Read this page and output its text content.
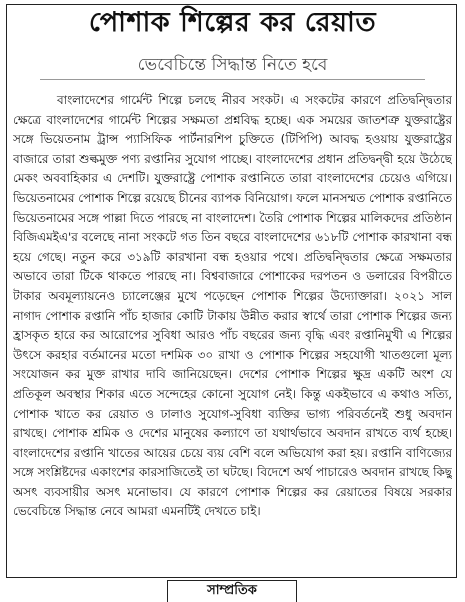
পোশাক শিল্পের কর রেয়াত
ভেবেচিন্তে সিদ্ধান্ত নিতে হবে
বাংলাদেশের গার্মেন্ট শিল্পে চলছে নীরব সংকট। এ সংকটের কারণে প্রতিদ্বন্দ্বিতার ক্ষেত্রে বাংলাদেশের গার্মেন্ট শিল্পের সক্ষমতা প্রশ্নবিদ্ধ হচ্ছে। এক সময়ের জাতশত্রু যুক্তরাষ্ট্রের সঙ্গে ভিয়েতনাম ট্রান্স প্যাসিফিক পার্টনারশিপ চুক্তিতে (টিপিপি) আবদ্ধ হওয়ায় যুক্তরাষ্ট্রের বাজারে তারা শুল্কমুক্ত পণ্য রপ্তানির সুযোগ পাচ্ছে। বাংলাদেশের প্রধান প্রতিদ্বন্দ্বী হয়ে উঠেছে মেকং অববাহিকার এ দেশটি। যুক্তরাষ্ট্রে পোশাক রপ্তানিতে তারা বাংলাদেশের চেয়েও এগিয়ে। ভিয়েতনামের পোশাক শিল্পে রয়েছে চীনের ব্যাপক বিনিয়োগ। ফলে মানসম্মত পোশাক রপ্তানিতে ভিয়েতনামের সঙ্গে পাল্লা দিতে পারছে না বাংলাদেশ। তৈরি পোশাক শিল্পের মালিকদের প্রতিষ্ঠান বিজিএমইএ'র বলেছে নানা সংকটে গত তিন বছরে বাংলাদেশের ৬১৮টি পোশাক কারখানা বন্ধ হয়ে গেছে। নতুন করে ৩১৯টি কারখানা বন্ধ হওয়ার পথে। প্রতিদ্বন্দ্বিতার ক্ষেত্রে সক্ষমতার অভাবে তারা টিকে থাকতে পারছে না। বিশ্ববাজারে পোশাকের দরপতন ও ডলারের বিপরীতে টাকার অবমূল্যায়নেও চ্যালেঞ্জের মুখে পড়েছেন পোশাক শিল্পের উদ্যোক্তারা। ২০২১ সাল নাগাদ পোশাক রপ্তানি পাঁচ হাজার কোটি টাকায় উন্নীত করার স্বার্থে তারা পোশাক শিল্পের জন্য হ্রাসকৃত হারে কর আরোপের সুবিধা আরও পাঁচ বছরের জন্য বৃদ্ধি এবং রপ্তানিমুখী এ শিল্পের উৎসে করহার বর্তমানের মতো দশমিক ৩০ রাখা ও পোশাক শিল্পের সহযোগী খাতগুলো মূল্য সংযোজন কর মুক্ত রাখার দাবি জানিয়েছেন। দেশের পোশাক শিল্পের ক্ষুদ্র একটি অংশ যে প্রতিকূল অবস্থার শিকার এতে সন্দেহের কোনো সুযোগ নেই। কিন্তু একইভাবে এ কথাও সত্যি, পোশাক খাতে কর রেয়াত ও ঢালাও সুযোগ-সুবিধা ব্যক্তির ভাগ্য পরিবর্তনেই শুধু অবদান রাখছে। পোশাক শ্রমিক ও দেশের মানুষের কল্যাণে তা যথার্থভাবে অবদান রাখতে ব্যর্থ হচ্ছে। বাংলাদেশের রপ্তানি খাতের আয়ের চেয়ে ব্যয় বেশি বলে অভিযোগ করা হয়। রপ্তানি বাণিজ্যের সঙ্গে সংশ্লিষ্টদের একাংশের কারসাজিতেই তা ঘটছে। বিদেশে অর্থ পাচারেও অবদান রাখছে কিছু অসৎ ব্যবসায়ীর অসৎ মনোভাব। যে কারণে পোশাক শিল্পের কর রেয়াতের বিষয়ে সরকার ভেবেচিন্তে সিদ্ধান্ত নেবে আমরা এমনটিই দেখতে চাই।
সাম্প্রতিক
